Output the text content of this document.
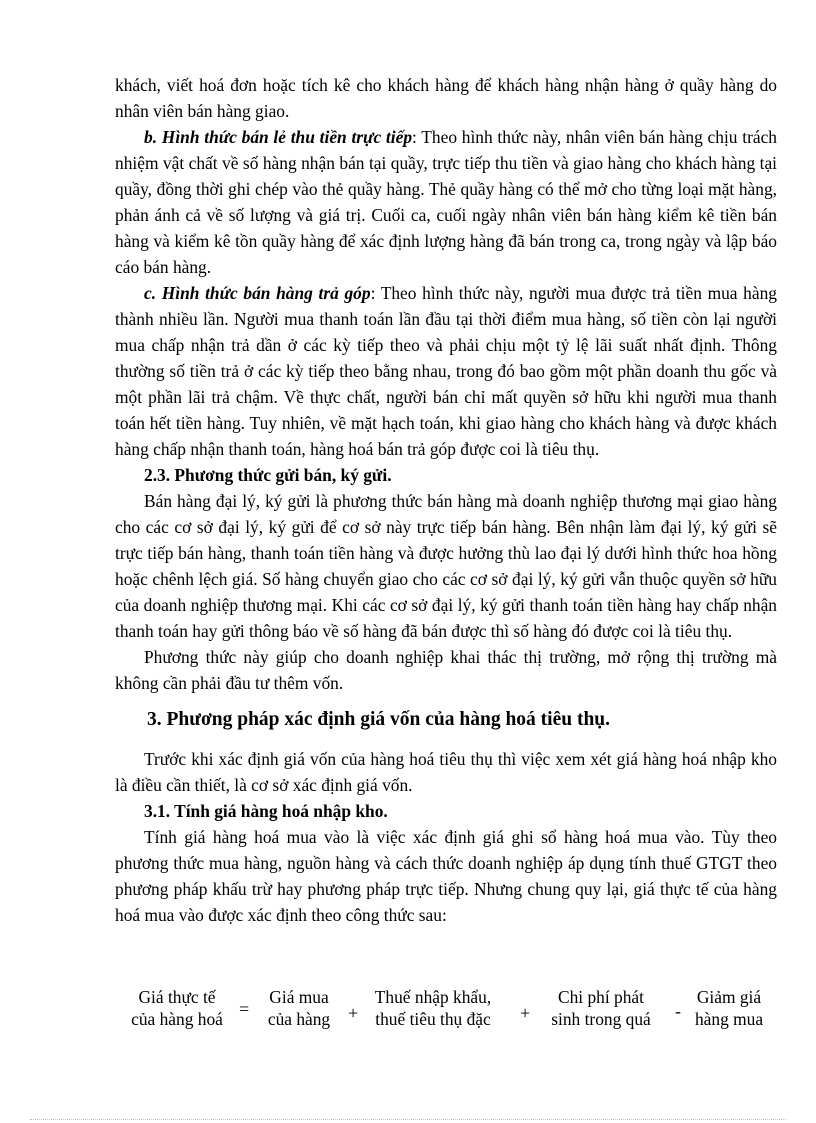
khách, viết hoá đơn hoặc tích kê cho khách hàng để khách hàng nhận hàng ở quầy hàng do nhân viên bán hàng giao.

b. Hình thức bán lẻ thu tiền trực tiếp: Theo hình thức này, nhân viên bán hàng chịu trách nhiệm vật chất về số hàng nhận bán tại quầy, trực tiếp thu tiền và giao hàng cho khách hàng tại quầy, đồng thời ghi chép vào thẻ quầy hàng. Thẻ quầy hàng có thể mở cho từng loại mặt hàng, phản ánh cả về số lượng và giá trị. Cuối ca, cuối ngày nhân viên bán hàng kiểm kê tiền bán hàng và kiểm kê tồn quầy hàng để xác định lượng hàng đã bán trong ca, trong ngày và lập báo cáo bán hàng.

c. Hình thức bán hàng trả góp: Theo hình thức này, người mua được trả tiền mua hàng thành nhiều lần. Người mua thanh toán lần đầu tại thời điểm mua hàng, số tiền còn lại người mua chấp nhận trả dần ở các kỳ tiếp theo và phải chịu một tỷ lệ lãi suất nhất định. Thông thường số tiền trả ở các kỳ tiếp theo bằng nhau, trong đó bao gồm một phần doanh thu gốc và một phần lãi trả chậm. Về thực chất, người bán chỉ mất quyền sở hữu khi người mua thanh toán hết tiền hàng. Tuy nhiên, về mặt hạch toán, khi giao hàng cho khách hàng và được khách hàng chấp nhận thanh toán, hàng hoá bán trả góp được coi là tiêu thụ.

2.3. Phương thức gửi bán, ký gửi.

Bán hàng đại lý, ký gửi là phương thức bán hàng mà doanh nghiệp thương mại giao hàng cho các cơ sở đại lý, ký gửi để cơ sở này trực tiếp bán hàng. Bên nhận làm đại lý, ký gửi sẽ trực tiếp bán hàng, thanh toán tiền hàng và được hưởng thù lao đại lý dưới hình thức hoa hồng hoặc chênh lệch giá. Số hàng chuyển giao cho các cơ sở đại lý, ký gửi vẫn thuộc quyền sở hữu của doanh nghiệp thương mại. Khi các cơ sở đại lý, ký gửi thanh toán tiền hàng hay chấp nhận thanh toán hay gửi thông báo về số hàng đã bán được thì số hàng đó được coi là tiêu thụ.

Phương thức này giúp cho doanh nghiệp khai thác thị trường, mở rộng thị trường mà không cần phải đầu tư thêm vốn.

3. Phương pháp xác định giá vốn của hàng hoá tiêu thụ.

Trước khi xác định giá vốn của hàng hoá tiêu thụ thì việc xem xét giá hàng hoá nhập kho là điều cần thiết, là cơ sở xác định giá vốn.

3.1. Tính giá hàng hoá nhập kho.

Tính giá hàng hoá mua vào là việc xác định giá ghi sổ hàng hoá mua vào. Tùy theo phương thức mua hàng, nguồn hàng và cách thức doanh nghiệp áp dụng tính thuế GTGT theo phương pháp khấu trừ hay phương pháp trực tiếp. Nhưng chung quy lại, giá thực tế của hàng hoá mua vào được xác định theo công thức sau:

Giá thực tế
của hàng hoá =
Giá mua
của hàng +
Thuế nhập khẩu,
thuế tiêu thụ đặc	+
Chi phí phát
sinh trong quá	-
Giảm giá
hàng mua
